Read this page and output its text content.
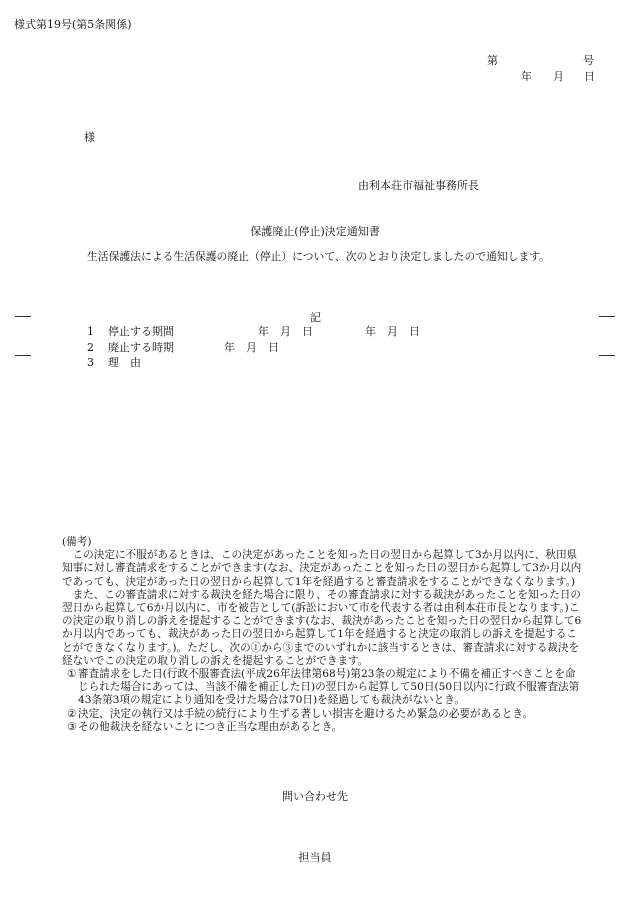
様式第19号(第5条関係)
第	号
年 月 日
様
由利本荘市福祉事務所長
保護廃止(停止)決定通知書
生活保護法による生活保護の廃止（停止）について、次のとおり決定しましたので通知します。
記
1 停止する期間	年　月　日	年　月　日
2 廃止する時期	年　月　日
3 理　由

(備考)

この決定に不服があるときは、この決定があったことを知った日の翌日から起算して3か月以内に、秋田県知事に対し審査請求をすることができます(なお、決定があったことを知った日の翌日から起算して3か月以内であっても、決定があった日の翌日から起算して1年を経過すると審査請求をすることができなくなります。)

また、この審査請求に対する裁決を経た場合に限り、その審査請求に対する裁決があったことを知った日の翌日から起算して6か月以内に、市を被告として(訴訟において市を代表する者は由利本荘市長となります。)この決定の取り消しの訴えを提起することができます(なお、裁決があったことを知った日の翌日から起算して6か月以内であっても、裁決があった日の翌日から起算して1年を経過すると決定の取消しの訴えを提起することができなくなります。)。ただし、次の①から③までのいずれかに該当するときは、審査請求に対する裁決を経ないでこの決定の取り消しの訴えを提起することができます。

① 審査請求をした日(行政不服審査法(平成26年法律第68号)第23条の規定により不備を補正すべきことを命じられた場合にあっては、当該不備を補正した日)の翌日から起算して50日(50日以内に行政不服審査法第43条第3項の規定により通知を受けた場合は70日)を経過しても裁決がないとき。

② 決定、決定の執行又は手続の続行により生ずる著しい損害を避けるため緊急の必要があるとき。

③ その他裁決を経ないことにつき正当な理由があるとき。

問い合わせ先
担当員
